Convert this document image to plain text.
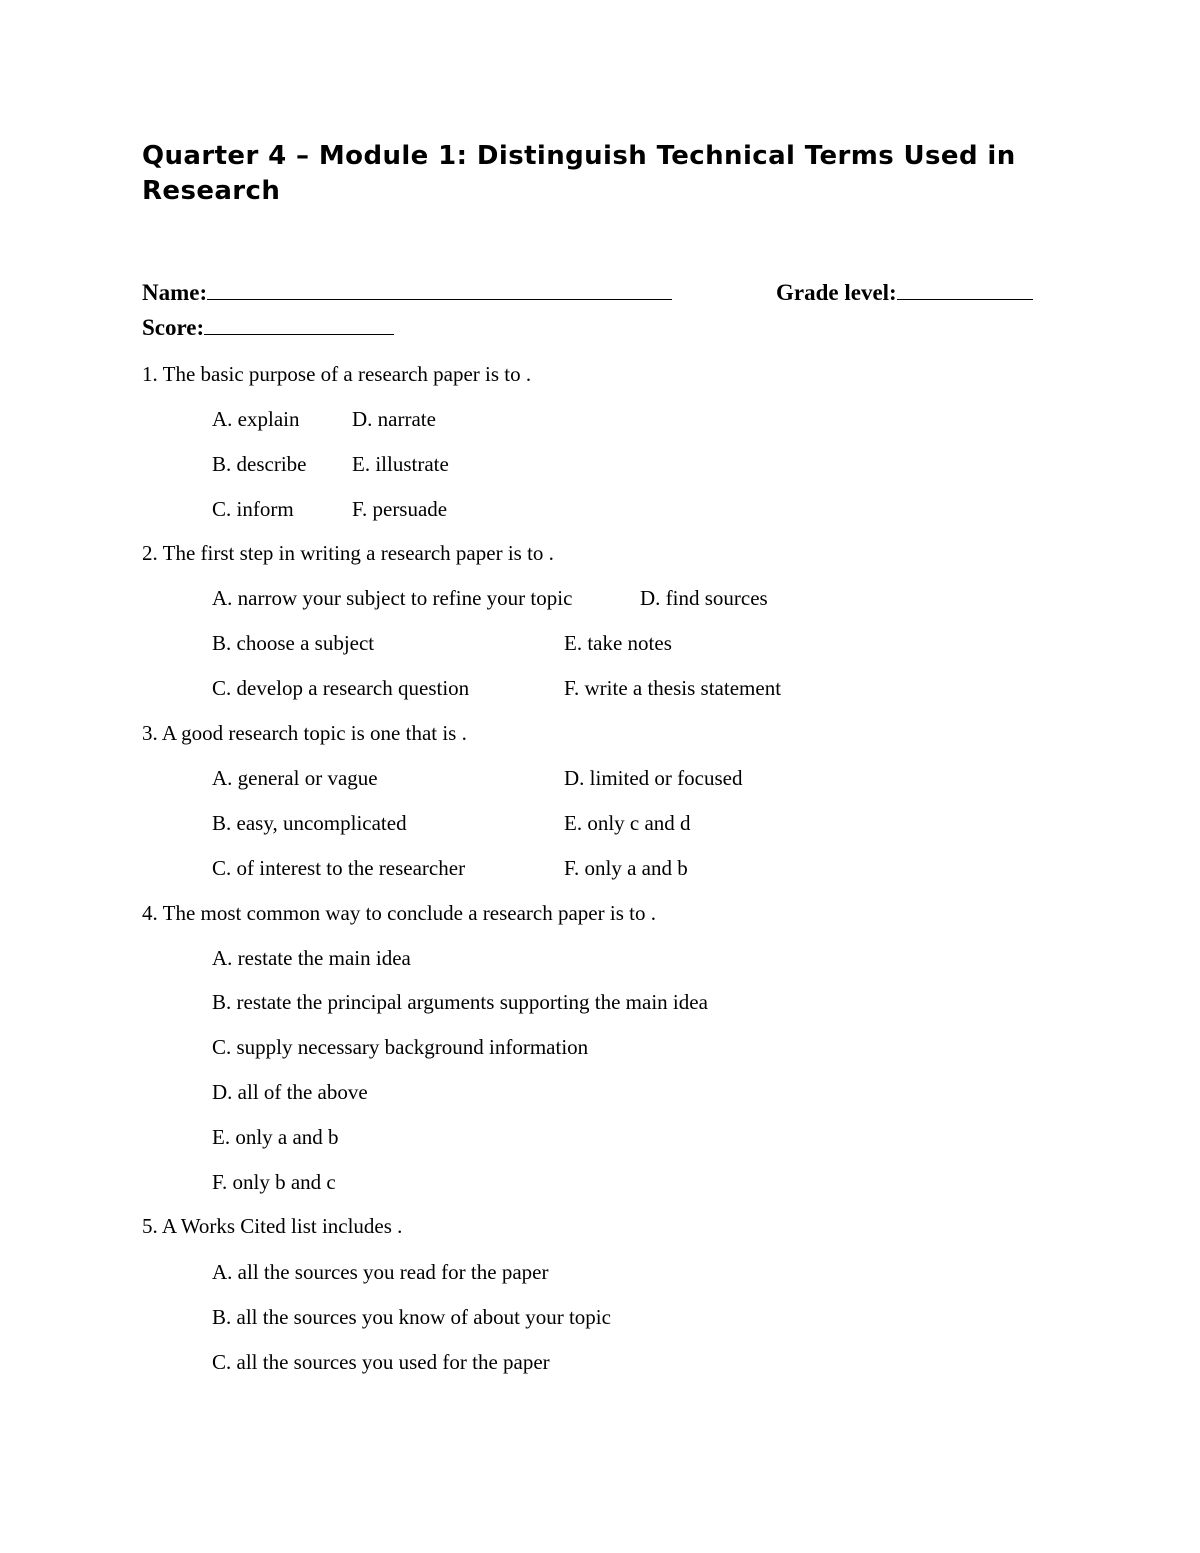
Quarter 4 – Module 1: Distinguish Technical Terms Used in Research
Name:	Grade level:
Score:
1. The basic purpose of a research paper is to .
A. explain	D. narrate
B. describe E. illustrate
C. inform	F. persuade
2. The first step in writing a research paper is to .
A. narrow your subject to refine your topic	D. find sources
B. choose a subject	E. take notes
C. develop a research question	F. write a thesis statement
3. A good research topic is one that is .
A. general or vague	D. limited or focused
B. easy, uncomplicated	E. only c and d
C. of interest to the researcher	F. only a and b
4. The most common way to conclude a research paper is to .
A. restate the main idea
B. restate the principal arguments supporting the main idea
C. supply necessary background information
D. all of the above
E. only a and b
F. only b and c
5. A Works Cited list includes .
A. all the sources you read for the paper
B. all the sources you know of about your topic
C. all the sources you used for the paper
